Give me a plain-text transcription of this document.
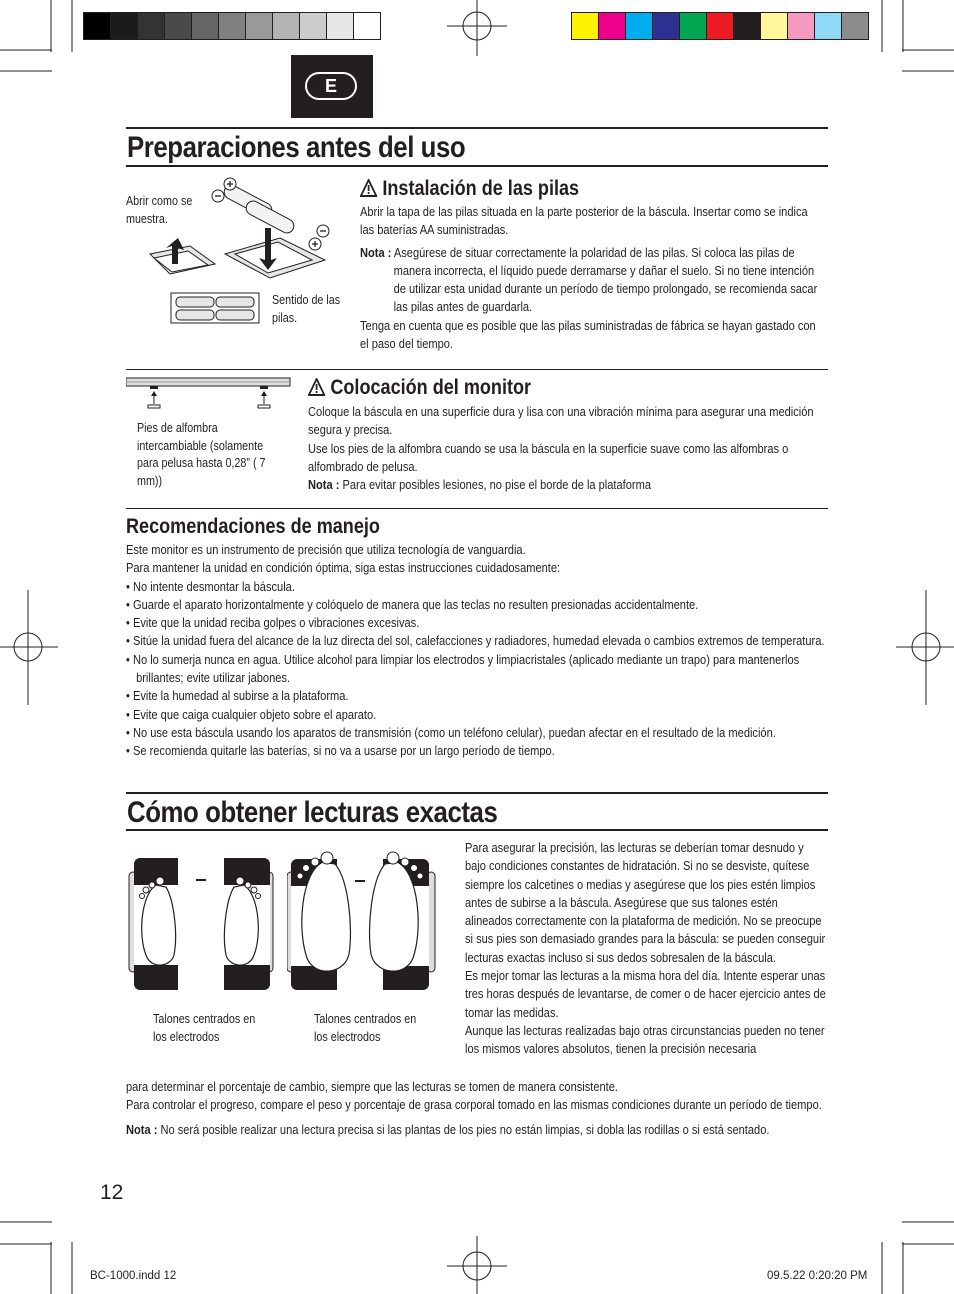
E
Preparaciones antes del uso
Abrir como se muestra.
Sentido de las pilas.
Instalación de las pilas

Abrir la tapa de las pilas situada en la parte posterior de la báscula. Insertar como se indica las baterías AA suministradas.

Nota : Asegúrese de situar correctamente la polaridad de las pilas. Si coloca las pilas de manera incorrecta, el líquido puede derramarse y dañar el suelo. Si no tiene intención de utilizar esta unidad durante un período de tiempo prolongado, se recomienda sacar las pilas antes de guardarla.

Tenga en cuenta que es posible que las pilas suministradas de fábrica se hayan gastado con el paso del tiempo.

Pies de alfombra intercambiable (solamente para pelusa hasta 0,28” ( 7 mm))
Colocación del monitor

Coloque la báscula en una superficie dura y lisa con una vibración mínima para asegurar una medición segura y precisa.

Use los pies de la alfombra cuando se usa la báscula en la superficie suave como las alfombras o alfombrado de pelusa.

Nota : Para evitar posibles lesiones, no pise el borde de la plataforma

Recomendaciones de manejo

Este monitor es un instrumento de precisión que utiliza tecnología de vanguardia.

Para mantener la unidad en condición óptima, siga estas instrucciones cuidadosamente:

• No intente desmontar la báscula.

• Guarde el aparato horizontalmente y colóquelo de manera que las teclas no resulten presionadas accidentalmente.

• Evite que la unidad reciba golpes o vibraciones excesivas.

• Sitúe la unidad fuera del alcance de la luz directa del sol, calefacciones y radiadores, humedad elevada o cambios extremos de temperatura.

• No lo sumerja nunca en agua. Utilice alcohol para limpiar los electrodos y limpiacristales (aplicado mediante un trapo) para mantenerlos brillantes; evite utilizar jabones.

• Evite la humedad al subirse a la plataforma.

• Evite que caiga cualquier objeto sobre el aparato.

• No use esta báscula usando los aparatos de transmisión (como un teléfono celular), puedan afectar en el resultado de la medición.

• Se recomienda quitarle las baterías, si no va a usarse por un largo período de tiempo.

Cómo obtener lecturas exactas
Talones centrados en los electrodos
Talones centrados en los electrodos

Para asegurar la precisión, las lecturas se deberían tomar desnudo y bajo condiciones constantes de hidratación. Si no se desviste, quítese siempre los calcetines o medias y asegúrese que los pies estén limpios antes de subirse a la báscula. Asegúrese que sus talones estén alineados correctamente con la plataforma de medición. No se preocupe si sus pies son demasiado grandes para la báscula: se pueden conseguir lecturas exactas incluso si sus dedos sobresalen de la báscula.

Es mejor tomar las lecturas a la misma hora del día. Intente esperar unas tres horas después de levantarse, de comer o de hacer ejercicio antes de tomar las medidas.

Aunque las lecturas realizadas bajo otras circunstancias pueden no tener los mismos valores absolutos, tienen la precisión necesaria

para determinar el porcentaje de cambio, siempre que las lecturas se tomen de manera consistente.

Para controlar el progreso, compare el peso y porcentaje de grasa corporal tomado en las mismas condiciones durante un período de tiempo.

Nota : No será posible realizar una lectura precisa si las plantas de los pies no están limpias, si dobla las rodillas o si está sentado.

12
BC-1000.indd 12	09.5.22 0:20:20 PM
